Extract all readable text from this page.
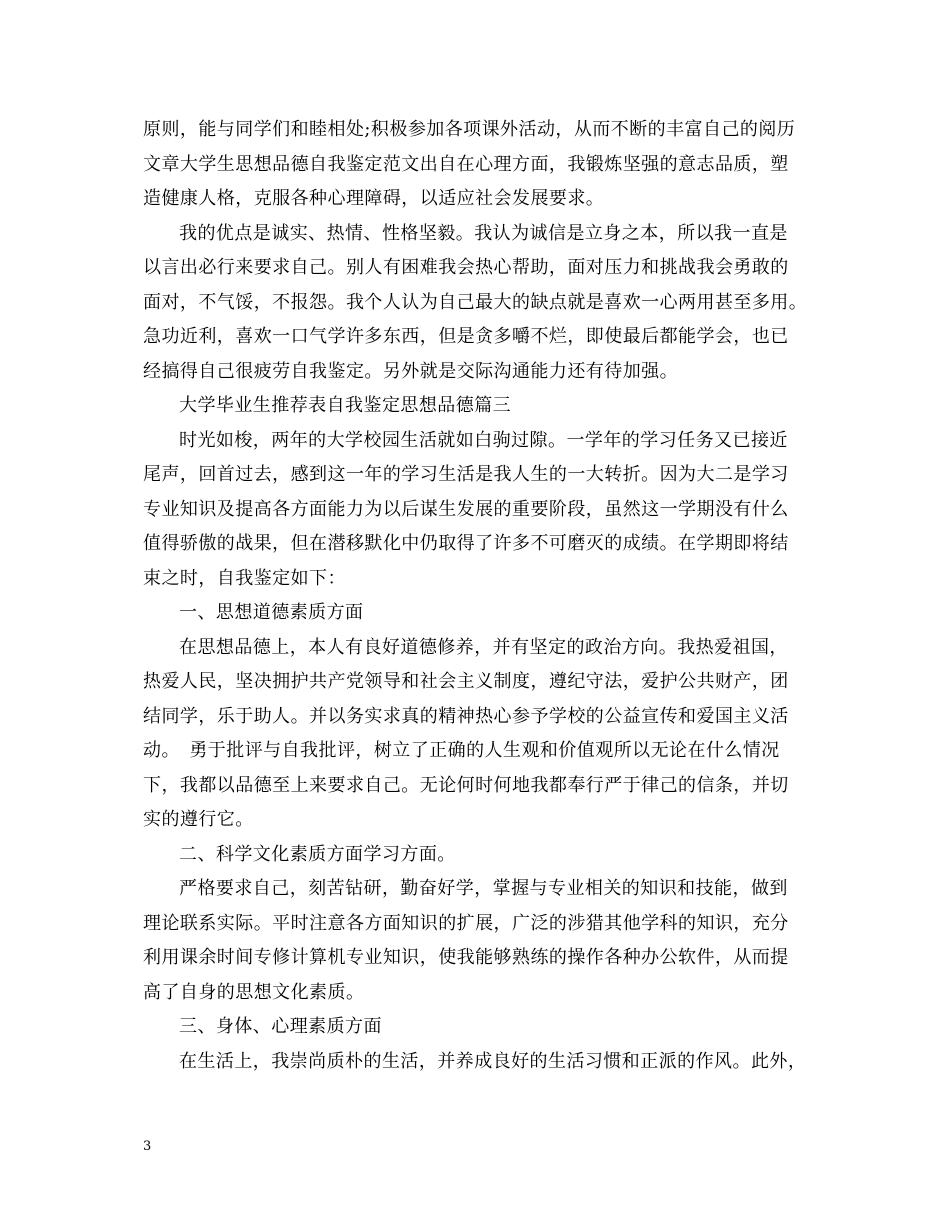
原则，能与同学们和睦相处;积极参加各项课外活动，从而不断的丰富自己的阅历
文章大学生思想品德自我鉴定范文出自在心理方面，我锻炼坚强的意志品质，塑
造健康人格，克服各种心理障碍，以适应社会发展要求。
我的优点是诚实、热情、性格坚毅。我认为诚信是立身之本，所以我一直是
以言出必行来要求自己。别人有困难我会热心帮助，面对压力和挑战我会勇敢的
面对，不气馁，不报怨。我个人认为自己最大的缺点就是喜欢一心两用甚至多用。
急功近利，喜欢一口气学许多东西，但是贪多嚼不烂，即使最后都能学会，也已
经搞得自己很疲劳自我鉴定。另外就是交际沟通能力还有待加强。
大学毕业生推荐表自我鉴定思想品德篇三
时光如梭，两年的大学校园生活就如白驹过隙。一学年的学习任务又已接近
尾声，回首过去，感到这一年的学习生活是我人生的一大转折。因为大二是学习
专业知识及提高各方面能力为以后谋生发展的重要阶段，虽然这一学期没有什么
值得骄傲的战果，但在潜移默化中仍取得了许多不可磨灭的成绩。在学期即将结
束之时，自我鉴定如下：
一、思想道德素质方面
在思想品德上，本人有良好道德修养，并有坚定的政治方向。我热爱祖国，
热爱人民，坚决拥护共产党领导和社会主义制度，遵纪守法，爱护公共财产，团
结同学，乐于助人。并以务实求真的精神热心参予学校的公益宣传和爱国主义活
动。　勇于批评与自我批评，树立了正确的人生观和价值观所以无论在什么情况
下，我都以品德至上来要求自己。无论何时何地我都奉行严于律己的信条，并切
实的遵行它。
二、科学文化素质方面学习方面。
严格要求自己，刻苦钻研，勤奋好学，掌握与专业相关的知识和技能，做到
理论联系实际。平时注意各方面知识的扩展，广泛的涉猎其他学科的知识，充分
利用课余时间专修计算机专业知识，使我能够熟练的操作各种办公软件，从而提
高了自身的思想文化素质。
三、身体、心理素质方面
在生活上，我崇尚质朴的生活，并养成良好的生活习惯和正派的作风。此外，
3
